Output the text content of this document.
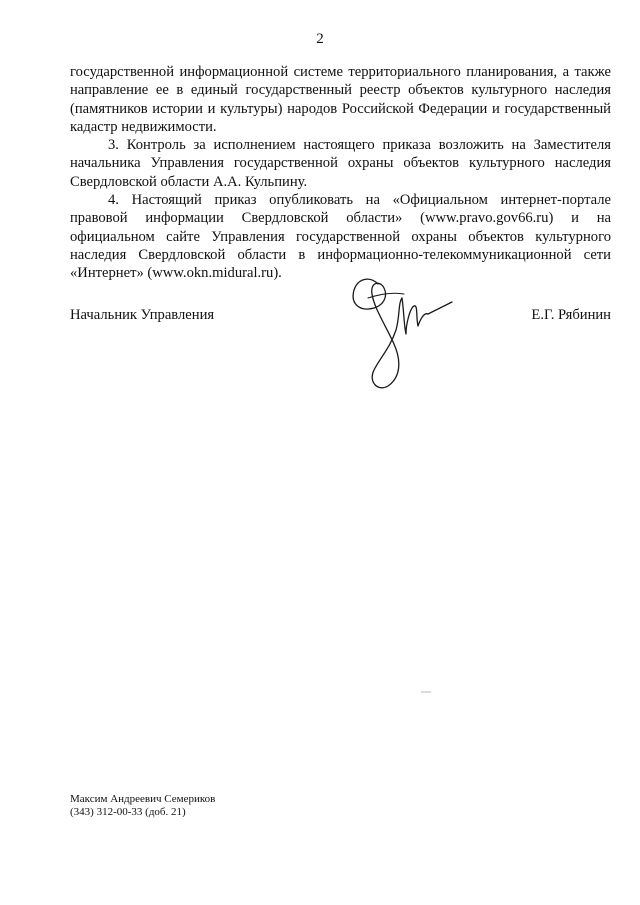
2

государственной информационной системе территориального планирования, а также направление ее в единый государственный реестр объектов культурного наследия (памятников истории и культуры) народов Российской Федерации и государственный кадастр недвижимости.

3. Контроль за исполнением настоящего приказа возложить на Заместителя начальника Управления государственной охраны объектов культурного наследия Свердловской области А.А. Кульпину.

4. Настоящий приказ опубликовать на «Официальном интернет-портале правовой информации Свердловской области» (www.pravo.gov66.ru) и на официальном сайте Управления государственной охраны объектов культурного наследия Свердловской области в информационно-телекоммуникационной сети «Интернет» (www.okn.midural.ru).

Начальник Управления	Е.Г. Рябинин
Максим Андреевич Семериков
(343) 312-00-33 (доб. 21)
